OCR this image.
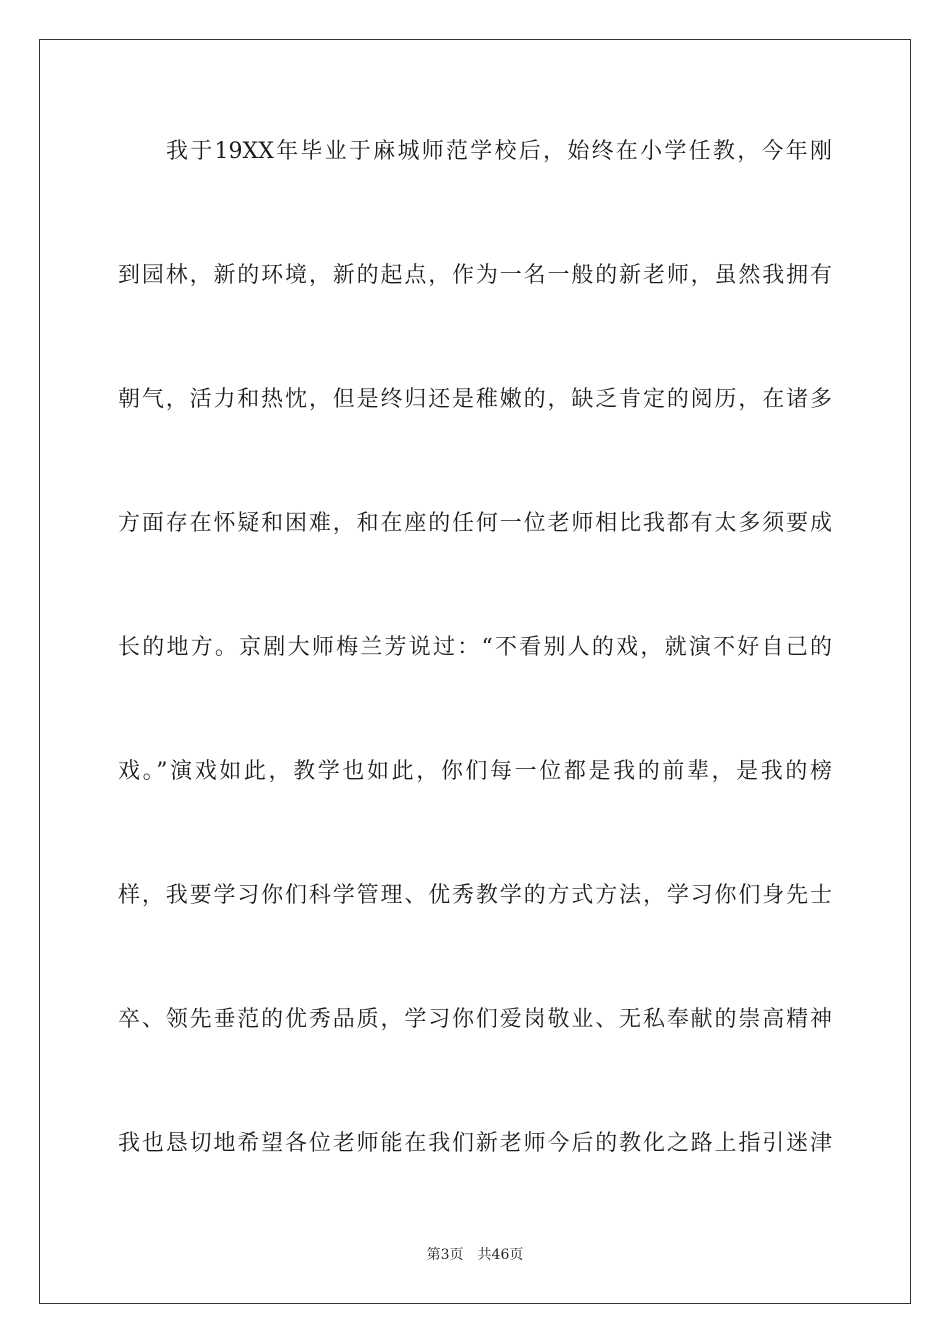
我于19XX年毕业于麻城师范学校后，始终在小学任教，今年刚
到园林，新的环境，新的起点，作为一名一般的新老师，虽然我拥有
朝气，活力和热忱，但是终归还是稚嫩的，缺乏肯定的阅历，在诸多
方面存在怀疑和困难，和在座的任何一位老师相比我都有太多须要成
长的地方。京剧大师梅兰芳说过：“不看别人的戏，就演不好自己的
戏。”演戏如此，教学也如此，你们每一位都是我的前辈，是我的榜
样，我要学习你们科学管理、优秀教学的方式方法，学习你们身先士
卒、领先垂范的优秀品质，学习你们爱岗敬业、无私奉献的崇高精神
我也恳切地希望各位老师能在我们新老师今后的教化之路上指引迷津
第3页 共46页
